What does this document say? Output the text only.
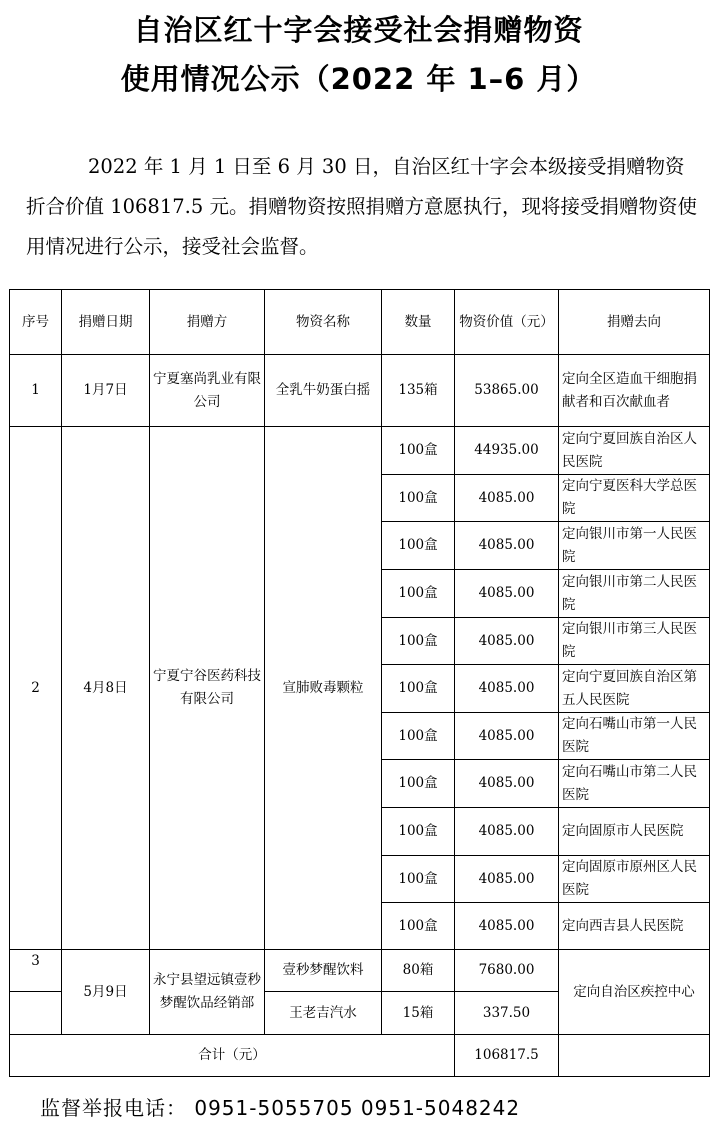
自治区红十字会接受社会捐赠物资
使用情况公示（2022 年 1–6 月）
2022 年 1 月 1 日至 6 月 30 日，自治区红十字会本级接受捐赠物资折合价值 106817.5 元。捐赠物资按照捐赠方意愿执行，现将接受捐赠物资使用情况进行公示，接受社会监督。
序号	捐赠日期	捐赠方	物资名称	数量	物资价值（元）	捐赠去向
1	1月7日	宁夏塞尚乳业有限公司	全乳牛奶蛋白摇	135箱	53865.00	定向全区造血干细胞捐献者和百次献血者
2	4月8日	宁夏宁谷医药科技有限公司	宣肺败毒颗粒	100盒	44935.00	定向宁夏回族自治区人民医院
				100盒	4085.00	定向宁夏医科大学总医院
				100盒	4085.00	定向银川市第一人民医院
				100盒	4085.00	定向银川市第二人民医院
				100盒	4085.00	定向银川市第三人民医院
				100盒	4085.00	定向宁夏回族自治区第五人民医院
				100盒	4085.00	定向石嘴山市第一人民医院
				100盒	4085.00	定向石嘴山市第二人民医院
				100盒	4085.00	定向固原市人民医院
				100盒	4085.00	定向固原市原州区人民医院
				100盒	4085.00	定向西吉县人民医院
3	5月9日	永宁县望远镇壹秒梦醒饮品经销部	壹秒梦醒饮料	80箱	7680.00	定向自治区疾控中心
			王老吉汽水	15箱	337.50	
合计（元）					106817.5	
监督举报电话： 0951-5055705 0951-5048242
